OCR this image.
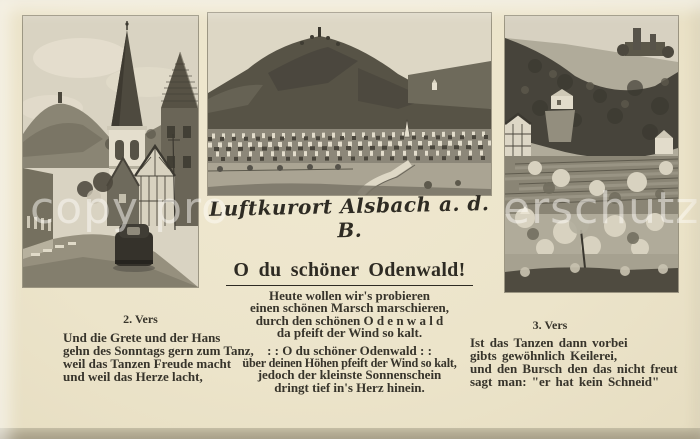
copy pro	erschutz
Luftkurort Alsbach a. d. B.
O du schöner Odenwald!
Heute wollen wir's probieren
einen schönen Marsch marschieren,
durch den schönen O d e n w a l d
da pfeift der Wind so kalt.
: : O du schöner Odenwald : :
über deinen Höhen pfeift der Wind so kalt,
jedoch der kleinste Sonnenschein
dringt tief in's Herz hinein.
2. Vers
Und die Grete und der Hans
gehn des Sonntags gern zum Tanz,
weil das Tanzen Freude macht
und weil das Herze lacht,
3. Vers
Ist das Tanzen dann vorbei
gibts gewöhnlich Keilerei,
und den Bursch den das nicht freut
sagt man: "er hat kein Schneid"
